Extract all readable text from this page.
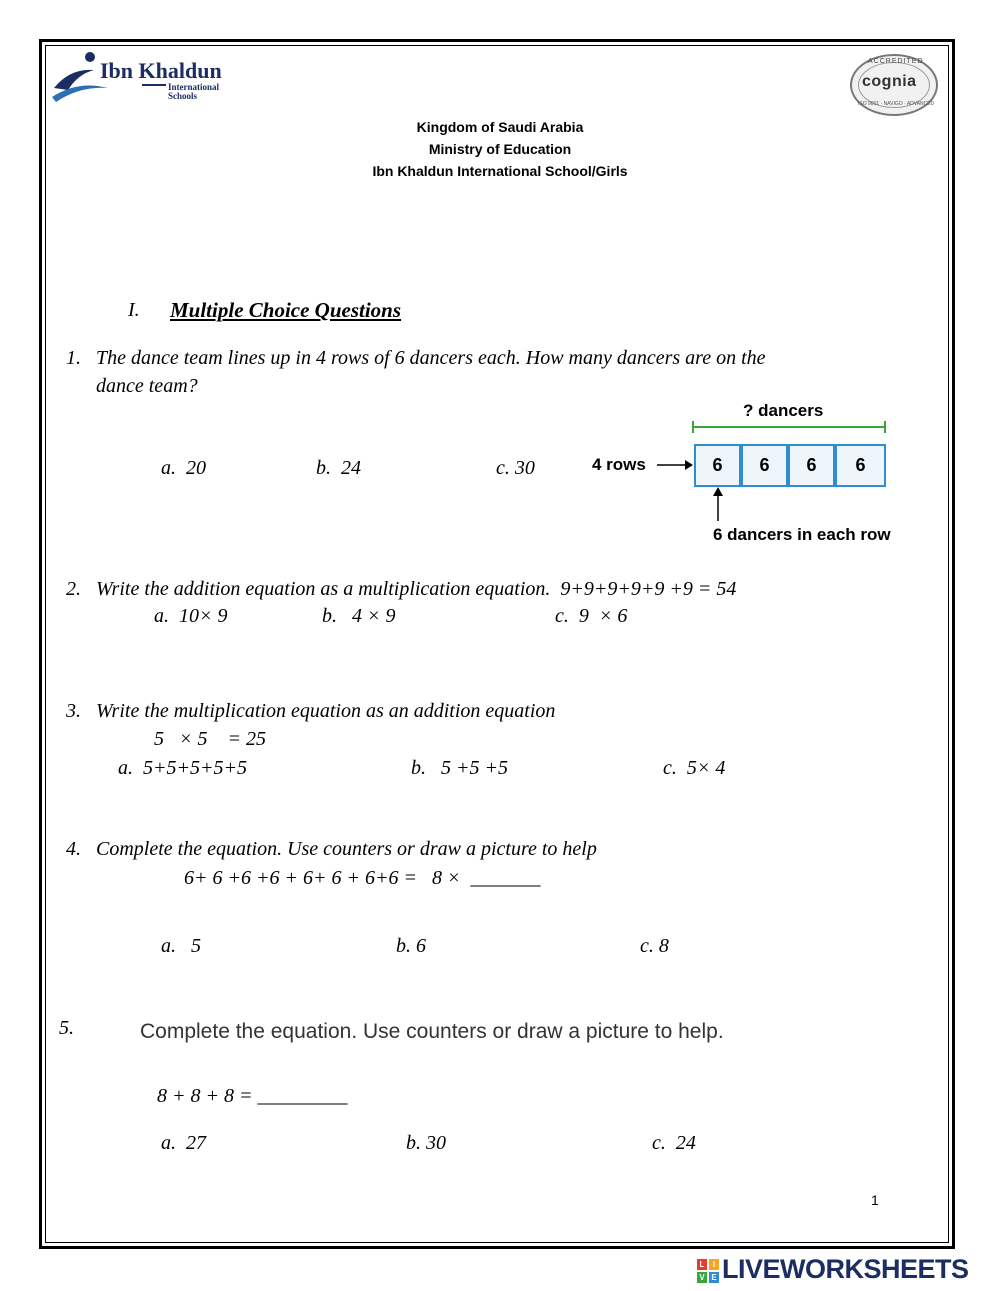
Ibn Khaldun
International
Schools
ACCREDITED
cognia
ISO 9001 · NAVIGO · ADVANCED
Kingdom of Saudi Arabia
Ministry of Education
Ibn Khaldun International School/Girls
I. Multiple Choice Questions
1. The dance team lines up in 4 rows of 6 dancers each. How many dancers are on the
dance team?
a.  20	b.  24	c. 30
? dancers
4 rows	6	6	6	6
6 dancers in each row
2. Write the addition equation as a multiplication equation.  9+9+9+9+9 +9 = 54
a.  10× 9	b.   4 × 9	c.  9  × 6
3. Write the multiplication equation as an addition equation
5   × 5    = 25
a.  5+5+5+5+5	b.   5 +5 +5	c.  5× 4
4. Complete the equation. Use counters or draw a picture to help
6+ 6 +6 +6 + 6+ 6 + 6+6 =   8 ×  _______
a.   5	b. 6	c. 8
5.	Complete the equation. Use counters or draw a picture to help.
8 + 8 + 8 = _________
a.  27	b. 30	c.  24
1
L	I
V E LIVEWORKSHEETS
